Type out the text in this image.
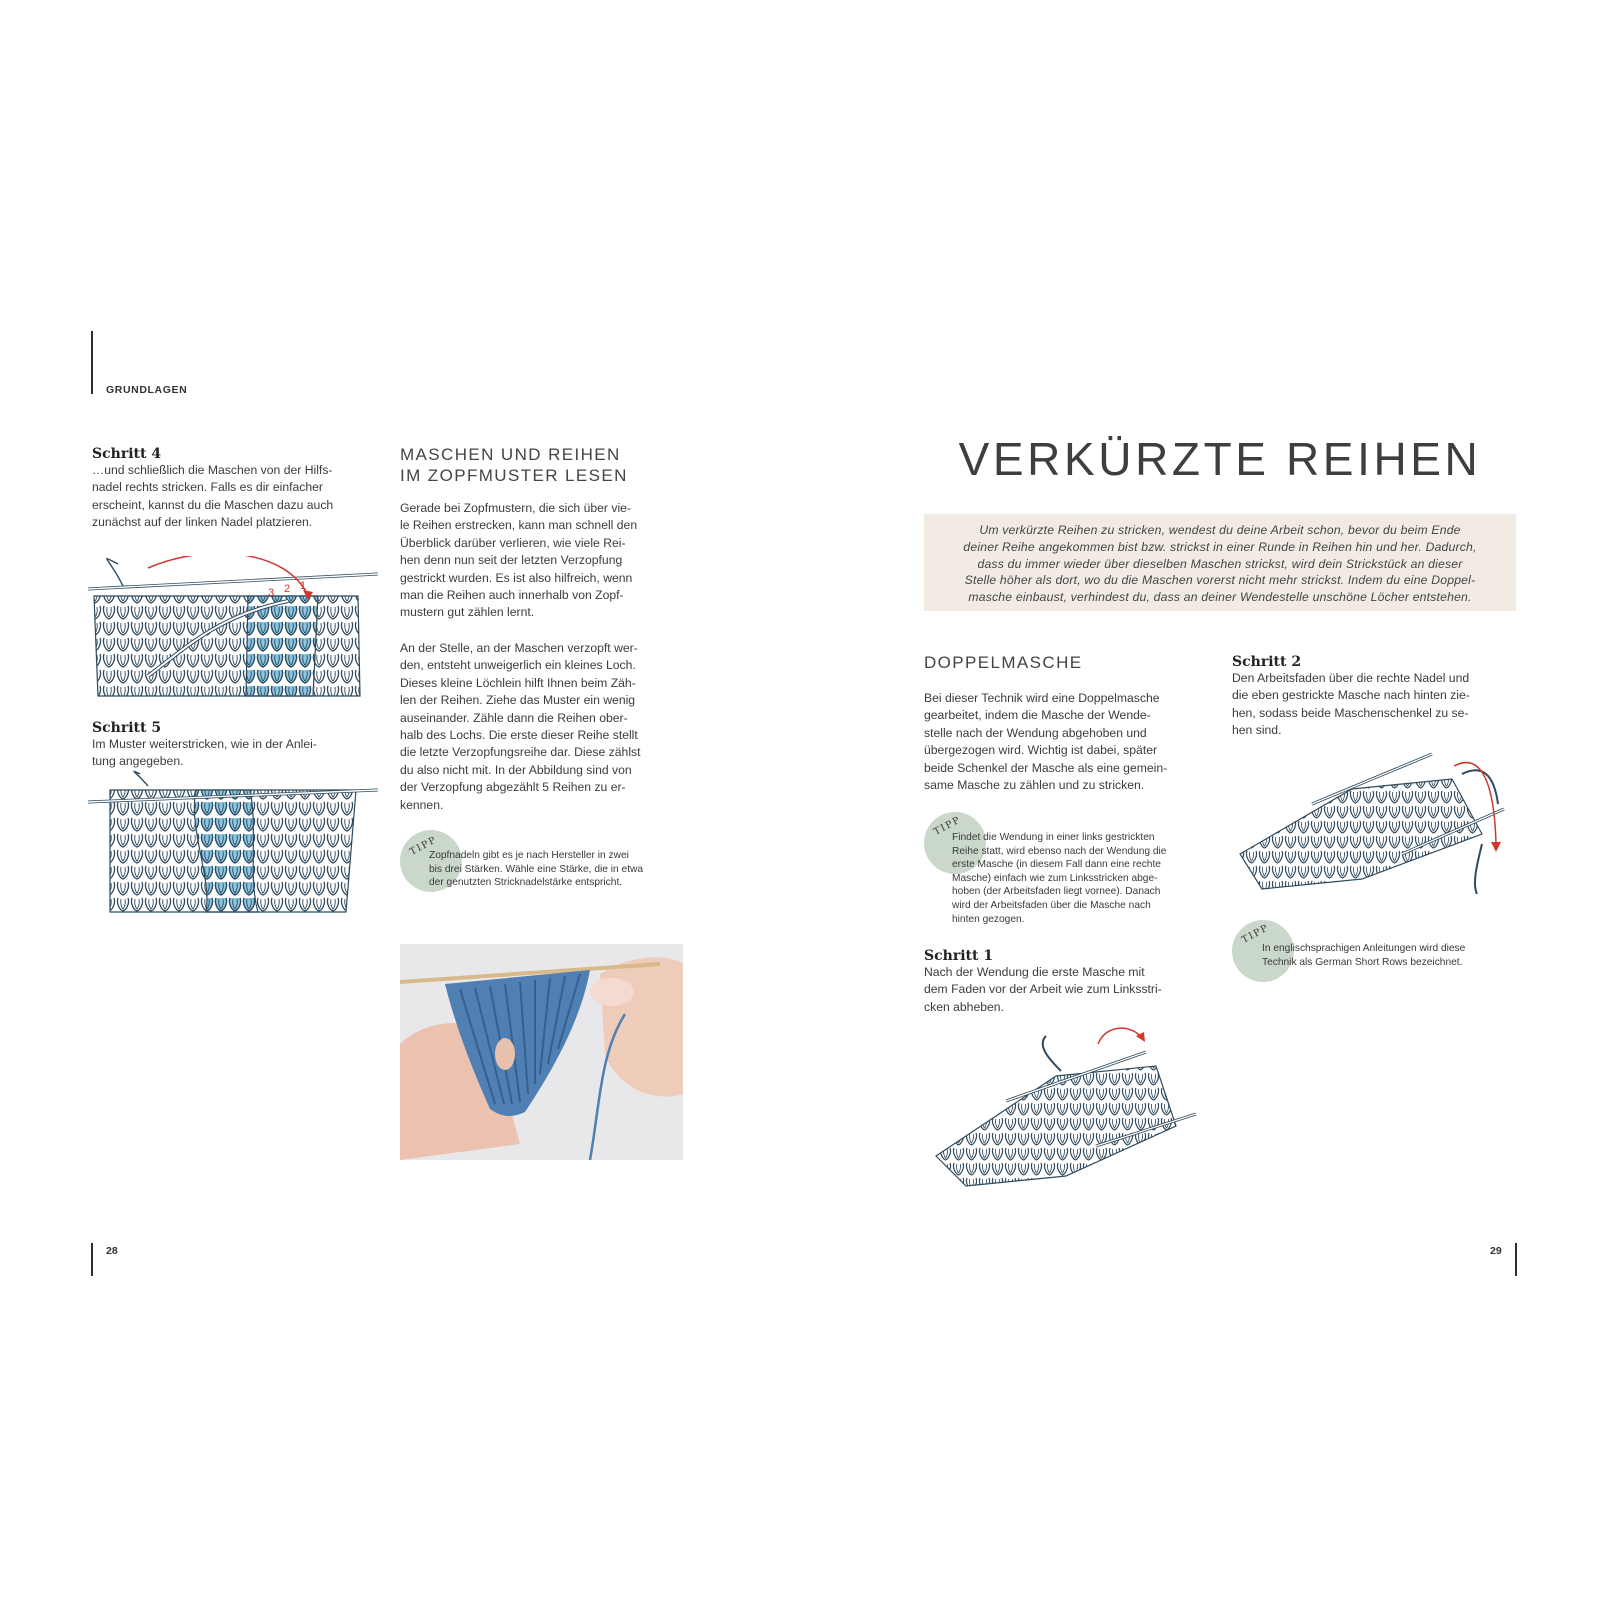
GRUNDLAGEN
Schritt 4
…und schließlich die Maschen von der Hilfs-
nadel rechts stricken. Falls es dir einfacher
erscheint, kannst du die Maschen dazu auch
zunächst auf der linken Nadel platzieren.
3 2 1
Schritt 5
Im Muster weiterstricken, wie in der Anlei-
tung angegeben.
MASCHEN UND REIHEN
IM ZOPFMUSTER LESEN
Gerade bei Zopfmustern, die sich über vie-
le Reihen erstrecken, kann man schnell den
Überblick darüber verlieren, wie viele Rei-
hen denn nun seit der letzten Verzopfung
gestrickt wurden. Es ist also hilfreich, wenn
man die Reihen auch innerhalb von Zopf-
mustern gut zählen lernt.
An der Stelle, an der Maschen verzopft wer-
den, entsteht unweigerlich ein kleines Loch.
Dieses kleine Löchlein hilft Ihnen beim Zäh-
len der Reihen. Ziehe das Muster ein wenig
auseinander. Zähle dann die Reihen ober-
halb des Lochs. Die erste dieser Reihe stellt
die letzte Verzopfungsreihe dar. Diese zählst
du also nicht mit. In der Abbildung sind von
der Verzopfung abgezählt 5 Reihen zu er-
kennen.
TIPP
Zopfnadeln gibt es je nach Hersteller in zwei
bis drei Stärken. Wähle eine Stärke, die in etwa
der genutzten Stricknadelstärke entspricht.
28
VERKÜRZTE REIHEN
Um verkürzte Reihen zu stricken, wendest du deine Arbeit schon, bevor du beim Ende
deiner Reihe angekommen bist bzw. strickst in einer Runde in Reihen hin und her. Dadurch,
dass du immer wieder über dieselben Maschen strickst, wird dein Strickstück an dieser
Stelle höher als dort, wo du die Maschen vorerst nicht mehr strickst. Indem du eine Doppel-
masche einbaust, verhindest du, dass an deiner Wendestelle unschöne Löcher entstehen.
DOPPELMASCHE
Bei dieser Technik wird eine Doppelmasche
gearbeitet, indem die Masche der Wende-
stelle nach der Wendung abgehoben und
übergezogen wird. Wichtig ist dabei, später
beide Schenkel der Masche als eine gemein-
same Masche zu zählen und zu stricken.
TIPP
Findet die Wendung in einer links gestrickten
Reihe statt, wird ebenso nach der Wendung die
erste Masche (in diesem Fall dann eine rechte
Masche) einfach wie zum Linksstricken abge-
hoben (der Arbeitsfaden liegt vornee). Danach
wird der Arbeitsfaden über die Masche nach
hinten gezogen.
Schritt 1
Nach der Wendung die erste Masche mit
dem Faden vor der Arbeit wie zum Linksstri-
cken abheben.
Schritt 2
Den Arbeitsfaden über die rechte Nadel und
die eben gestrickte Masche nach hinten zie-
hen, sodass beide Maschenschenkel zu se-
hen sind.
TIPP
In englischsprachigen Anleitungen wird diese
Technik als German Short Rows bezeichnet.
29
